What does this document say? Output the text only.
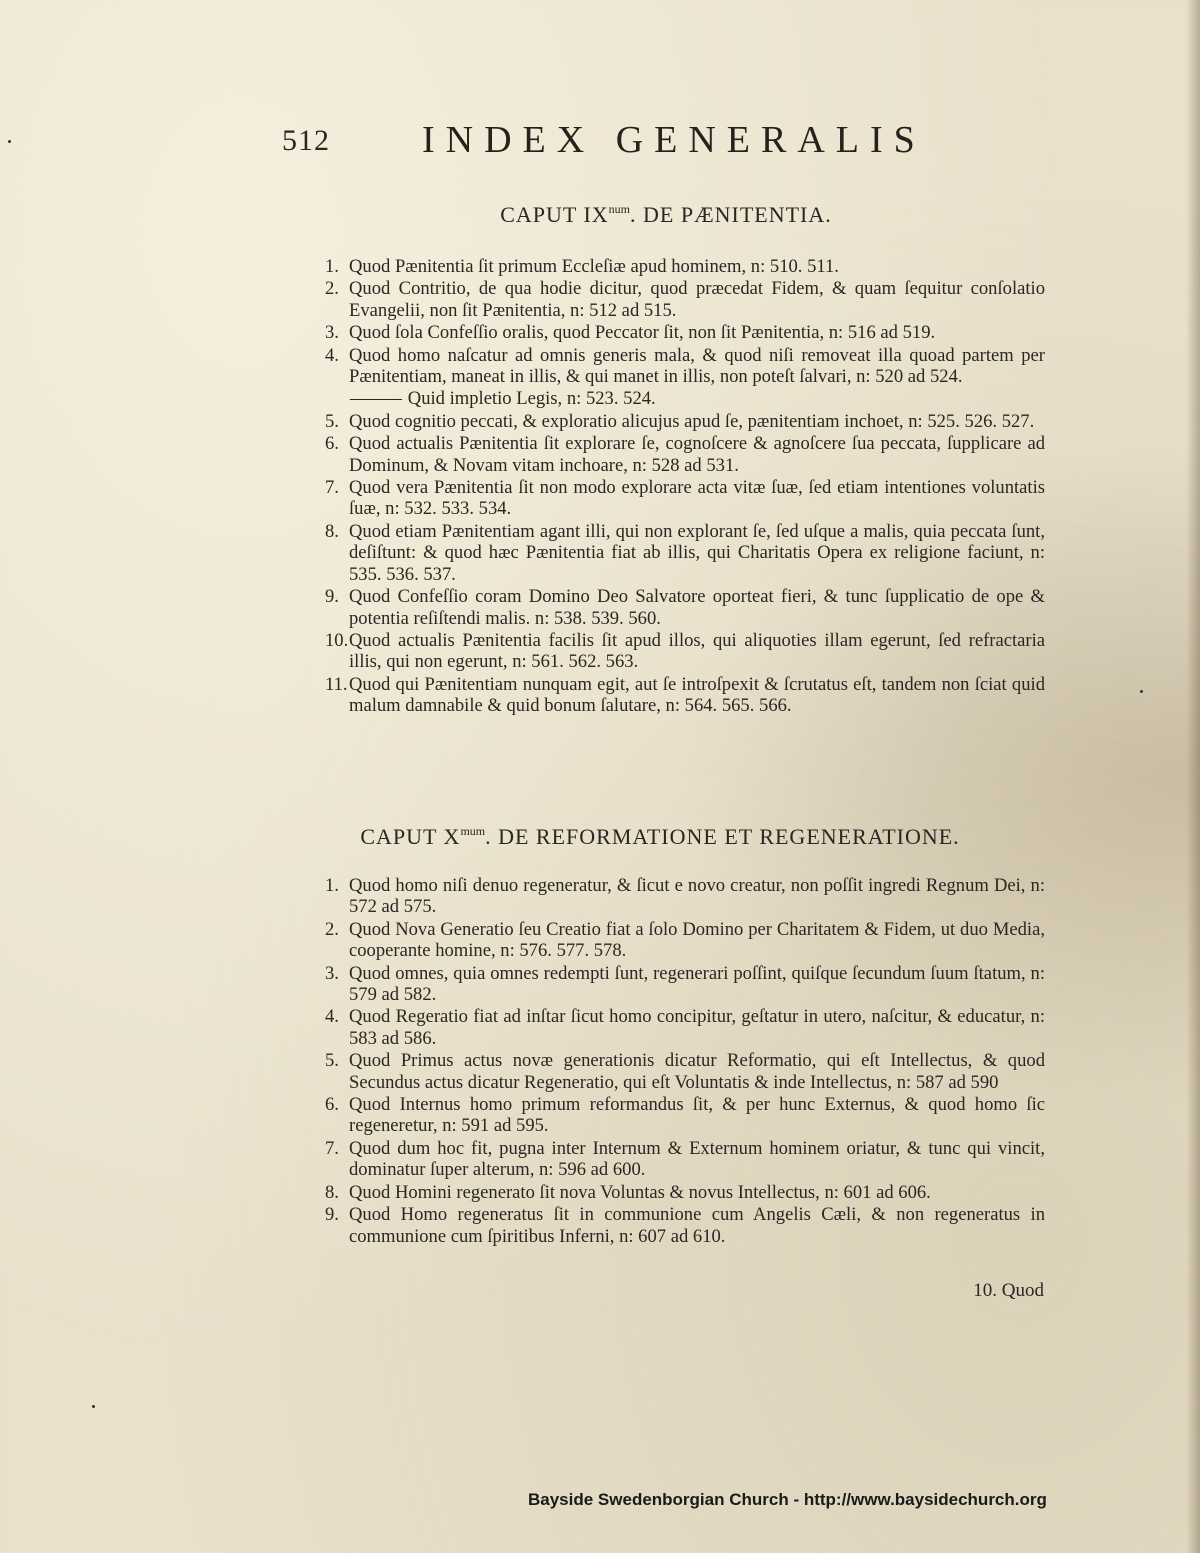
512 INDEX GENERALIS
CAPUT $IX^{num}$. DE PÆNITENTIA.
1. Quod Pænitentia ſit primum Eccleſiæ apud hominem, n: 510. 511.
2. Quod Contritio, de qua hodie dicitur, quod præcedat Fidem, & quam ſequitur conſolatio Evangelii, non ſit Pænitentia, n: 512 ad 515.
3. Quod ſola Confeſſio oralis, quod Peccator ſit, non ſit Pænitentia, n: 516 ad 519.
4. Quod homo naſcatur ad omnis generis mala, & quod niſi removeat illa quoad partem per Pænitentiam, maneat in illis, & qui manet in illis, non poteſt ſalvari, n: 520 ad 524.
——— Quid impletio Legis, n: 523. 524.
5. Quod cognitio peccati, & exploratio alicujus apud ſe, pænitentiam inchoet, n: 525. 526. 527.
6. Quod actualis Pænitentia ſit explorare ſe, cognoſcere & agnoſcere ſua peccata, ſupplicare ad Dominum, & Novam vitam inchoare, n: 528 ad 531.
7. Quod vera Pænitentia ſit non modo explorare acta vitæ ſuæ, ſed etiam intentiones voluntatis ſuæ, n: 532. 533. 534.
8. Quod etiam Pænitentiam agant illi, qui non explorant ſe, ſed uſque a malis, quia peccata ſunt, deſiſtunt: & quod hæc Pænitentia fiat ab illis, qui Charitatis Opera ex religione faciunt, n: 535. 536. 537.
9. Quod Confeſſio coram Domino Deo Salvatore oporteat fieri, & tunc ſupplicatio de ope & potentia reſiſtendi malis. n: 538. 539. 560.
10.Quod actualis Pænitentia facilis ſit apud illos, qui aliquoties illam egerunt, ſed refractaria illis, qui non egerunt, n: 561. 562. 563.
11.Quod qui Pænitentiam nunquam egit, aut ſe introſpexit & ſcrutatus eſt, tandem non ſciat quid malum damnabile & quid bonum ſalutare, n: 564. 565. 566.
CAPUT $X^{mum}$. DE REFORMATIONE ET REGENERATIONE.
1. Quod homo niſi denuo regeneratur, & ſicut e novo creatur, non poſſit ingredi Regnum Dei, n: 572 ad 575.
2. Quod Nova Generatio ſeu Creatio fiat a ſolo Domino per Charitatem & Fidem, ut duo Media, cooperante homine, n: 576. 577. 578.
3. Quod omnes, quia omnes redempti ſunt, regenerari poſſint, quiſque ſecundum ſuum ſtatum, n: 579 ad 582.
4. Quod Regeratio fiat ad inſtar ſicut homo concipitur, geſtatur in utero, naſcitur, & educatur, n: 583 ad 586.
5. Quod Primus actus novæ generationis dicatur Reformatio, qui eſt Intellectus, & quod Secundus actus dicatur Regeneratio, qui eſt Voluntatis & inde Intellectus, n: 587 ad 590
6. Quod Internus homo primum reformandus ſit, & per hunc Externus, & quod homo ſic regeneretur, n: 591 ad 595.
7. Quod dum hoc fit, pugna inter Internum & Externum hominem oriatur, & tunc qui vincit, dominatur ſuper alterum, n: 596 ad 600.
8. Quod Homini regenerato ſit nova Voluntas & novus Intellectus, n: 601 ad 606.
9. Quod Homo regeneratus ſit in communione cum Angelis Cæli, & non regeneratus in communione cum ſpiritibus Inferni, n: 607 ad 610.
10. Quod
Bayside Swedenborgian Church - http://www.baysidechurch.org
